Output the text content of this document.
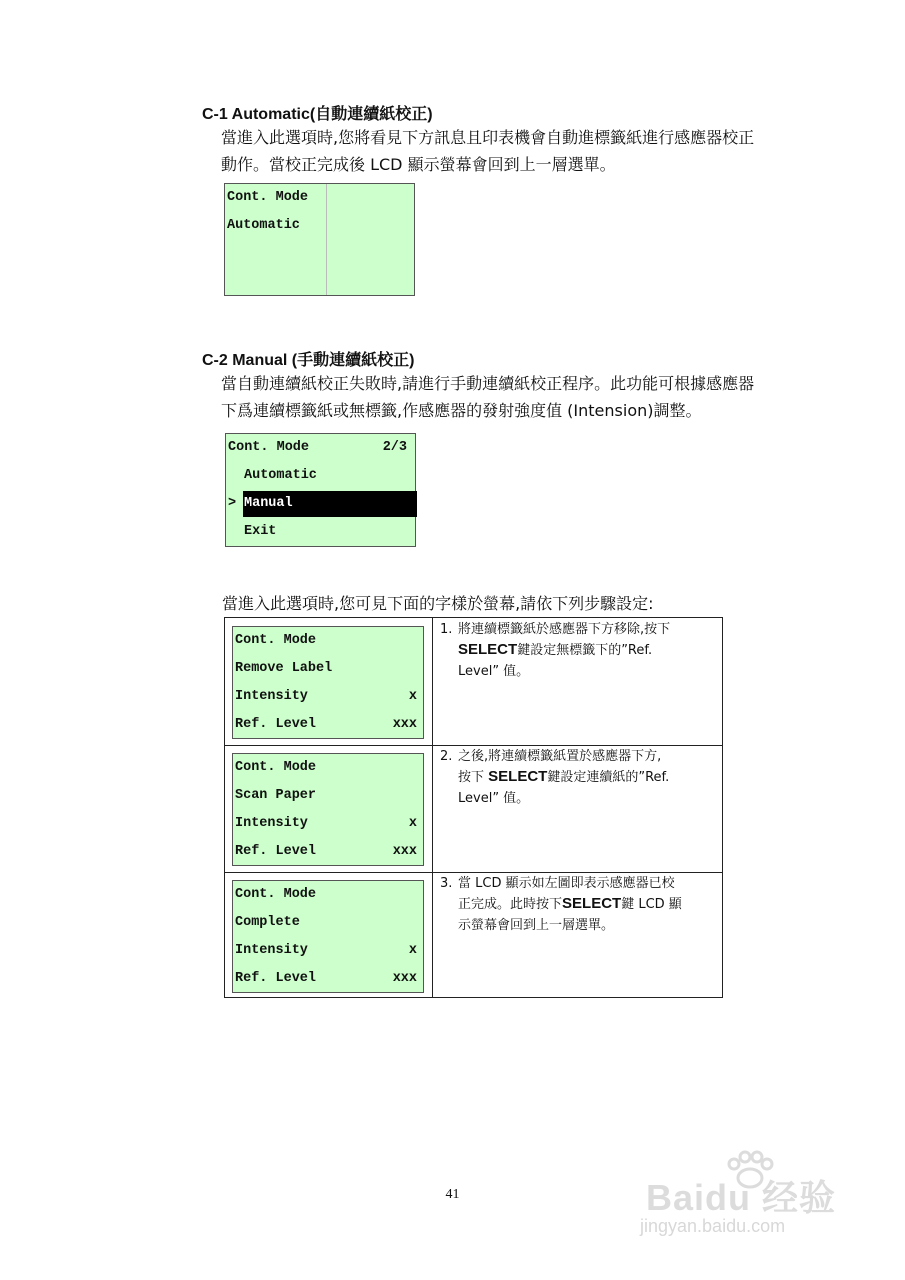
C-1 Automatic(自動連續紙校正)
當進入此選項時,您將看見下方訊息且印表機會自動進標籤紙進行感應器校正
動作。當校正完成後 LCD 顯示螢幕會回到上一層選單。
Cont. Mode
Automatic
C-2 Manual (手動連續紙校正)
當自動連續紙校正失敗時,請進行手動連續紙校正程序。此功能可根據感應器
下爲連續標籤紙或無標籤,作感應器的發射強度值 (Intension)調整。
Cont. Mode	2/3
Automatic
> Manual
Exit
當進入此選項時,您可見下面的字樣於螢幕,請依下列步驟設定:
Cont. Mode
Remove Label
Intensity	x
Ref. Level	xxx
1. 將連續標籤紙於感應器下方移除,按下
SELECT鍵設定無標籤下的”Ref.
Level” 值。
Cont. Mode
Scan Paper
Intensity	x
Ref. Level	xxx
2. 之後,將連續標籤紙置於感應器下方,
按下 SELECT鍵設定連續紙的”Ref.
Level” 值。
Cont. Mode
Complete
Intensity	x
Ref. Level	xxx
3. 當 LCD 顯示如左圖即表示感應器已校
正完成。此時按下SELECT鍵 LCD 顯
示螢幕會回到上一層選單。
41	Baidu 经验
jingyan.baidu.com
